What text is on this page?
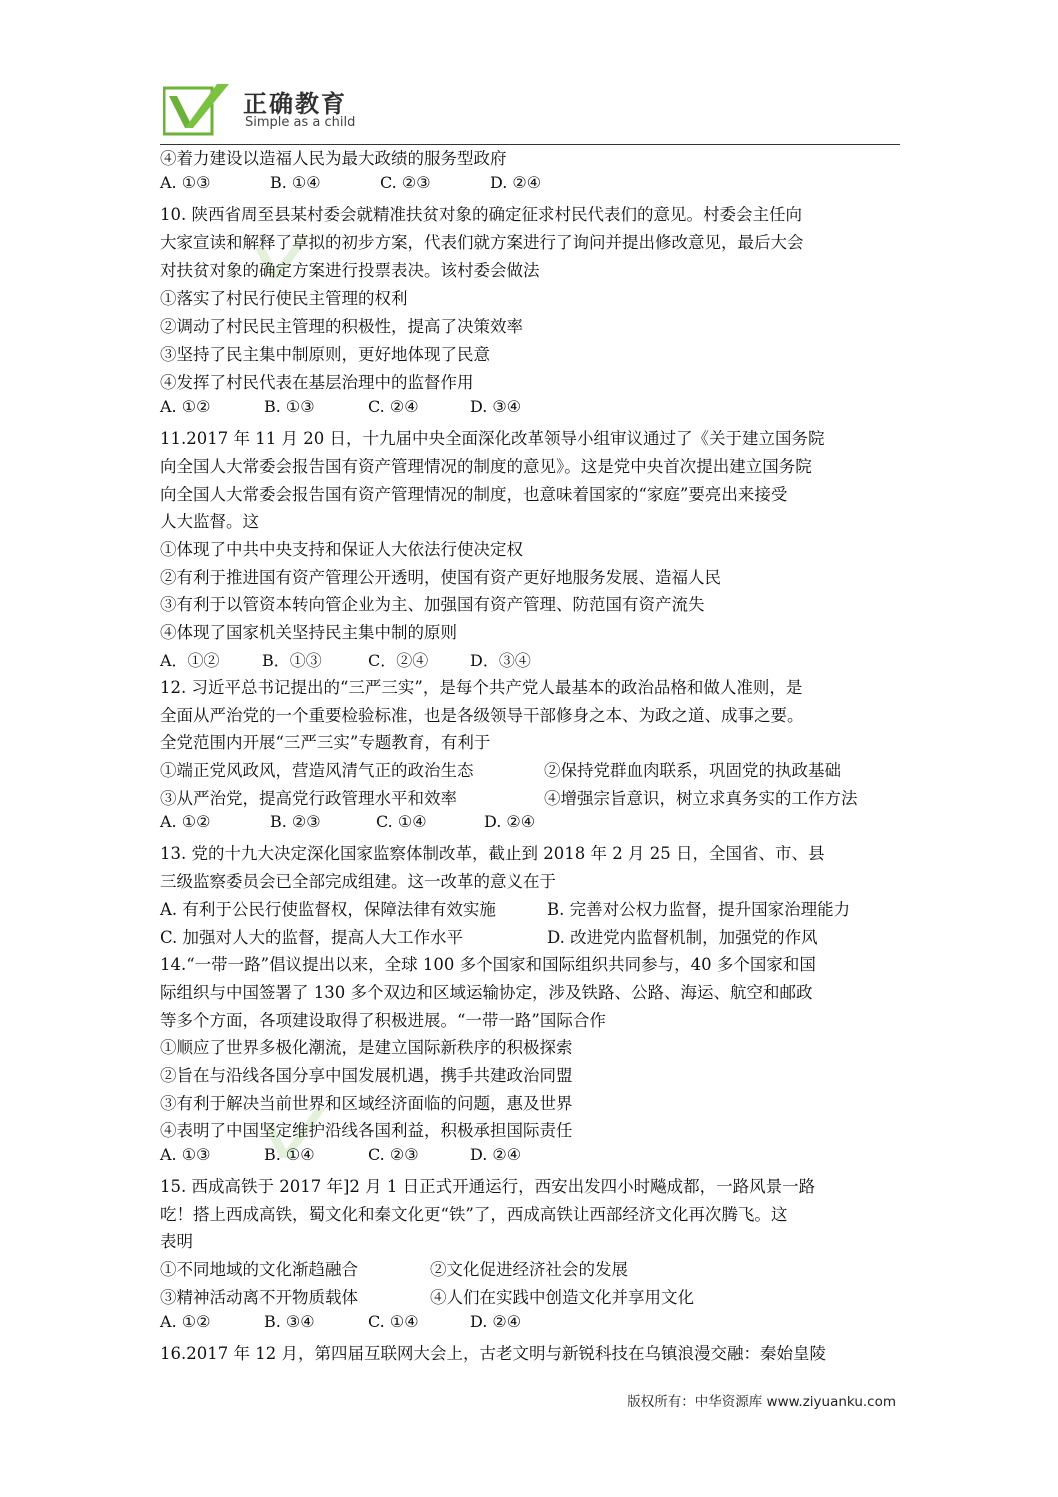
正确教育
Simple as a child
④着力建设以造福人民为最大政绩的服务型政府
A. ①③	B. ①④	C. ②③	D. ②④
10. 陕西省周至县某村委会就精准扶贫对象的确定征求村民代表们的意见。村委会主任向
大家宣读和解释了草拟的初步方案，代表们就方案进行了询问并提出修改意见，最后大会
对扶贫对象的确定方案进行投票表决。该村委会做法
①落实了村民行使民主管理的权利
②调动了村民民主管理的积极性，提高了决策效率
③坚持了民主集中制原则，更好地体现了民意
④发挥了村民代表在基层治理中的监督作用
A. ①②	B. ①③	C. ②④	D. ③④
11.2017 年 11 月 20 日，十九届中央全面深化改革领导小组审议通过了《关于建立国务院
向全国人大常委会报告国有资产管理情况的制度的意见》。这是党中央首次提出建立国务院
向全国人大常委会报告国有资产管理情况的制度，也意味着国家的“家庭”要亮出来接受
人大监督。这
①体现了中共中央支持和保证人大依法行使决定权
②有利于推进国有资产管理公开透明，使国有资产更好地服务发展、造福人民
③有利于以管资本转向管企业为主、加强国有资产管理、防范国有资产流失
④体现了国家机关坚持民主集中制的原则
A．①②	B．①③	C．②④	D．③④
12. 习近平总书记提出的“三严三实”，是每个共产党人最基本的政治品格和做人准则，是
全面从严治党的一个重要检验标准，也是各级领导干部修身之本、为政之道、成事之要。
全党范围内开展“三严三实”专题教育，有利于
①端正党风政风，营造风清气正的政治生态	②保持党群血肉联系，巩固党的执政基础
③从严治党，提高党行政管理水平和效率	④增强宗旨意识，树立求真务实的工作方法
A. ①②	B. ②③	C. ①④	D. ②④
13. 党的十九大决定深化国家监察体制改革，截止到 2018 年 2 月 25 日，全国省、市、县
三级监察委员会已全部完成组建。这一改革的意义在于
A. 有利于公民行使监督权，保障法律有效实施	B. 完善对公权力监督，提升国家治理能力
C. 加强对人大的监督，提高人大工作水平	D. 改进党内监督机制，加强党的作风
14.“一带一路”倡议提出以来，全球 100 多个国家和国际组织共同参与，40 多个国家和国
际组织与中国签署了 130 多个双边和区域运输协定，涉及铁路、公路、海运、航空和邮政
等多个方面，各项建设取得了积极进展。“一带一路”国际合作
①顺应了世界多极化潮流，是建立国际新秩序的积极探索
②旨在与沿线各国分享中国发展机遇，携手共建政治同盟
③有利于解决当前世界和区域经济面临的问题，惠及世界
④表明了中国坚定维护沿线各国利益，积极承担国际责任
A. ①③	B. ①④	C. ②③	D. ②④
15. 西成高铁于 2017 年]2 月 1 日正式开通运行，西安出发四小时飚成都，一路风景一路
吃！搭上西成高铁，蜀文化和秦文化更“铁”了，西成高铁让西部经济文化再次腾飞。这
表明
①不同地域的文化渐趋融合	②文化促进经济社会的发展
③精神活动离不开物质载体	④人们在实践中创造文化并享用文化
A. ①②	B. ③④	C. ①④	D. ②④
16.2017 年 12 月，第四届互联网大会上，古老文明与新锐科技在乌镇浪漫交融：秦始皇陵
版权所有：中华资源库 www.ziyuanku.com
